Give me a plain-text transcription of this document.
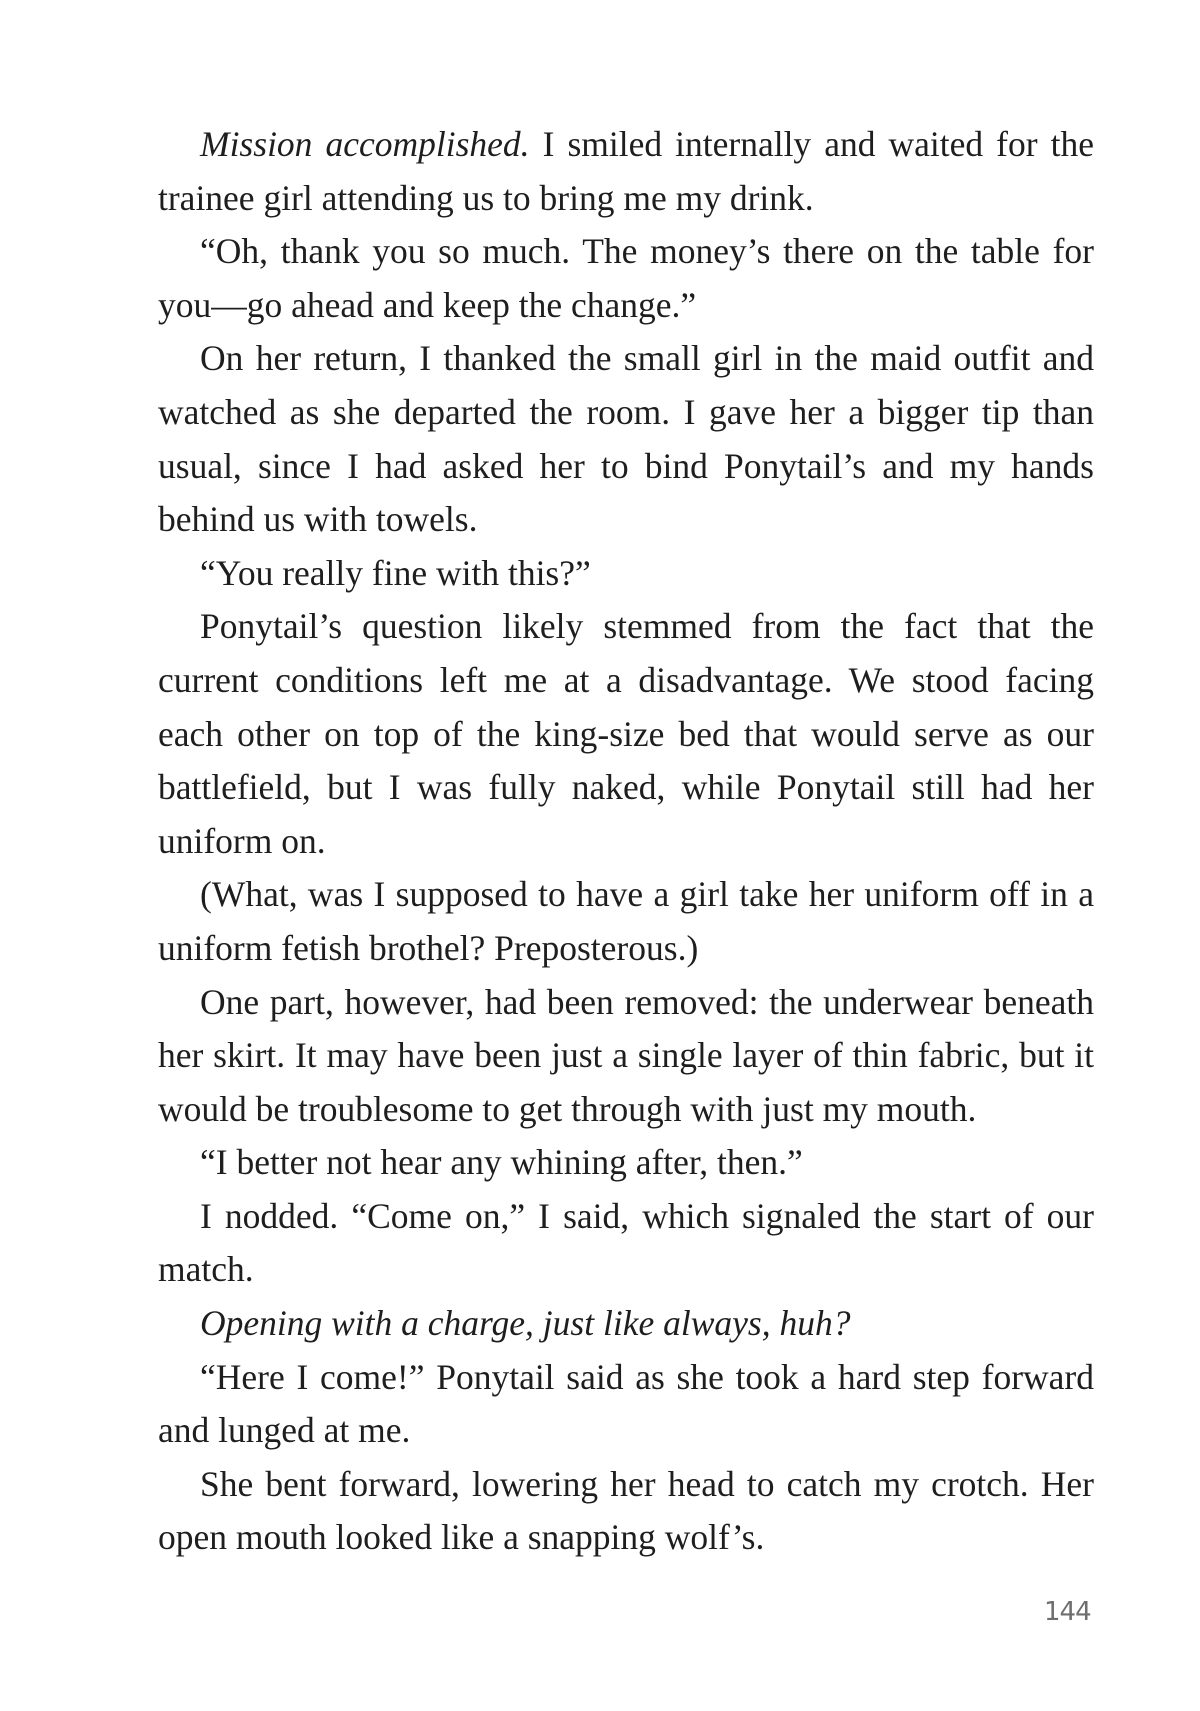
Mission accomplished. I smiled internally and waited for the trainee girl attending us to bring me my drink.

“Oh, thank you so much. The money’s there on the table for you—go ahead and keep the change.”

On her return, I thanked the small girl in the maid outfit and watched as she departed the room. I gave her a bigger tip than usual, since I had asked her to bind Ponytail’s and my hands behind us with towels.

“You really fine with this?”

Ponytail’s question likely stemmed from the fact that the current conditions left me at a disadvantage. We stood facing each other on top of the king-size bed that would serve as our battlefield, but I was fully naked, while Ponytail still had her uniform on.

(What, was I supposed to have a girl take her uniform off in a uniform fetish brothel? Preposterous.)

One part, however, had been removed: the underwear beneath her skirt. It may have been just a single layer of thin fabric, but it would be troublesome to get through with just my mouth.

“I better not hear any whining after, then.”

I nodded. “Come on,” I said, which signaled the start of our match.

Opening with a charge, just like always, huh?

“Here I come!” Ponytail said as she took a hard step forward and lunged at me.

She bent forward, lowering her head to catch my crotch. Her open mouth looked like a snapping wolf’s.

144
